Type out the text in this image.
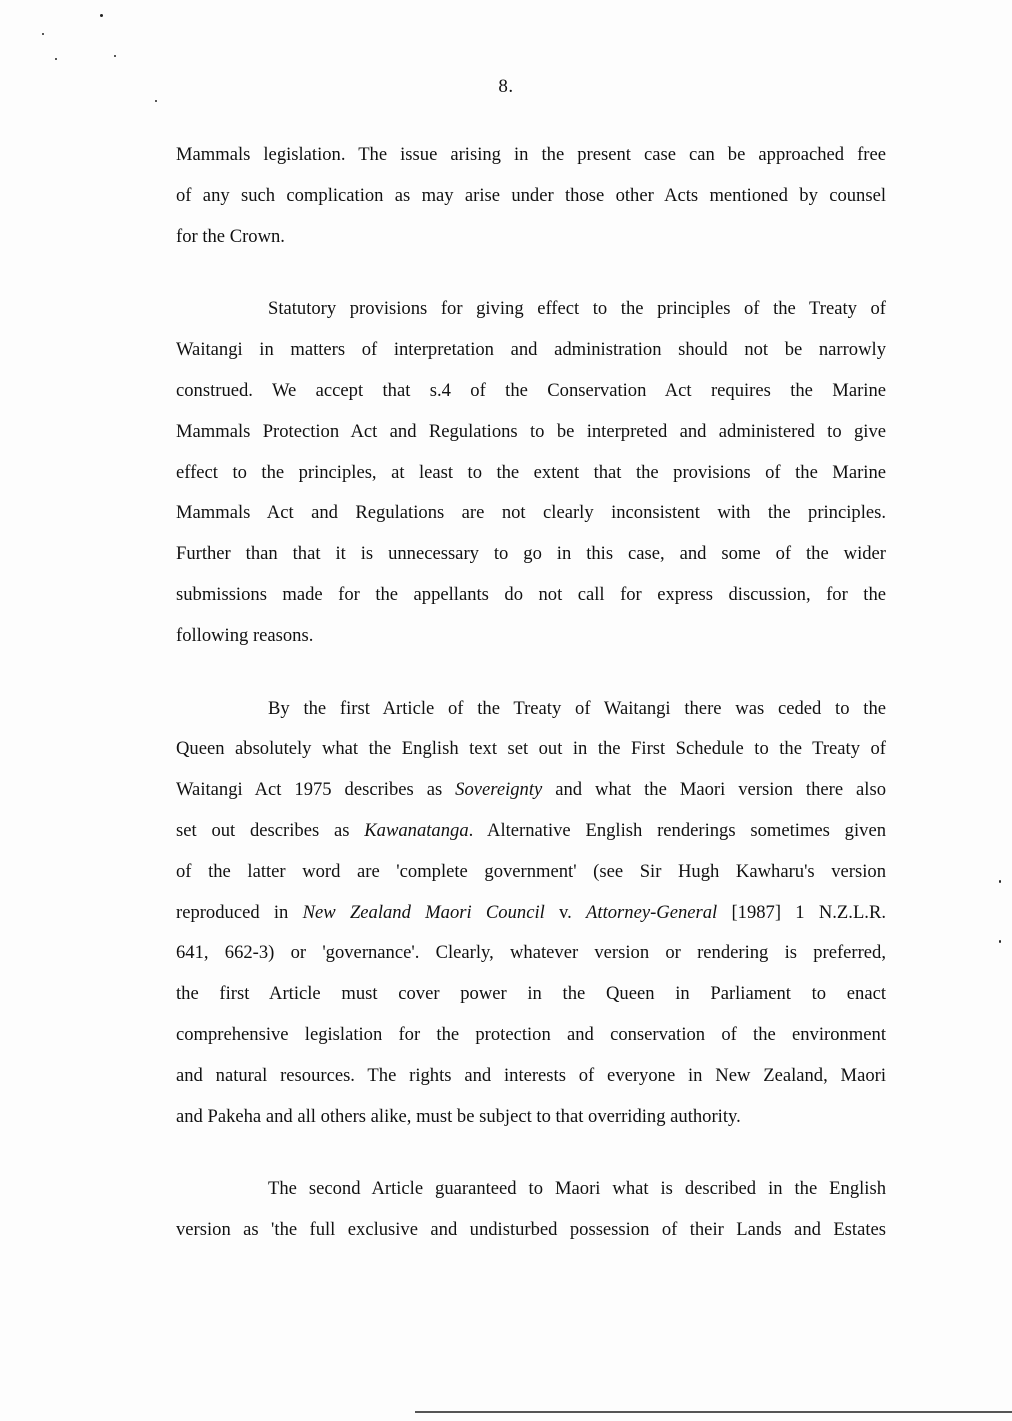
8.

Mammals legislation. The issue arising in the present case can be approached free
of any such complication as may arise under those other Acts mentioned by counsel
for the Crown.

Statutory provisions for giving effect to the principles of the Treaty of
Waitangi in matters of interpretation and administration should not be narrowly
construed. We accept that s.4 of the Conservation Act requires the Marine
Mammals Protection Act and Regulations to be interpreted and administered to give
effect to the principles, at least to the extent that the provisions of the Marine
Mammals Act and Regulations are not clearly inconsistent with the principles.
Further than that it is unnecessary to go in this case, and some of the wider
submissions made for the appellants do not call for express discussion, for the
following reasons.

By the first Article of the Treaty of Waitangi there was ceded to the
Queen absolutely what the English text set out in the First Schedule to the Treaty of
Waitangi Act 1975 describes as Sovereignty and what the Maori version there also
set out describes as Kawanatanga. Alternative English renderings sometimes given
of the latter word are 'complete government' (see Sir Hugh Kawharu's version
reproduced in New Zealand Maori Council v. Attorney-General [1987] 1 N.Z.L.R.
641, 662-3) or 'governance'. Clearly, whatever version or rendering is preferred,
the first Article must cover power in the Queen in Parliament to enact
comprehensive legislation for the protection and conservation of the environment
and natural resources. The rights and interests of everyone in New Zealand, Maori
and Pakeha and all others alike, must be subject to that overriding authority.

The second Article guaranteed to Maori what is described in the English
version as 'the full exclusive and undisturbed possession of their Lands and Estates
